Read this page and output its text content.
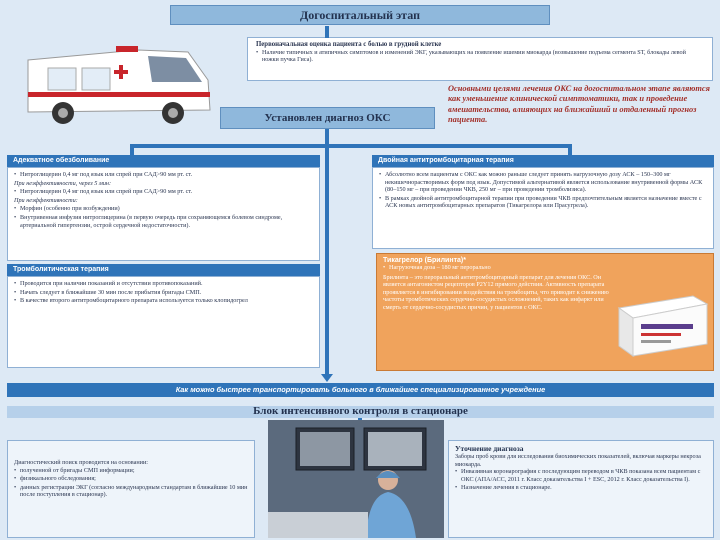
Догоспитальный этап
Первоначальная оценка пациента с болью в грудной клетке
• Наличие типичных и атипичных симптомов и изменений ЭКГ, указывающих на появление ишемии миокарда (возвышение подъема сегмента ST, блокады левой ножки пучка Гиса).
Основными целями лечения ОКС на догоспитальном этапе являются как уменьшение клинической симптоматики, так и проведение вмешательства, влияющих на ближайший и отдаленный прогноз пациента.
Установлен диагноз ОКС
Адекватное обезболивание
• Нитроглицерин 0,4 мг под язык или спрей при САД>90 мм рт. ст.
При неэффективности, через 5 мин:
• Нитроглицерин 0,4 мг под язык или спрей при САД>90 мм рт. ст.
При неэффективности:
• Морфин (особенно при возбуждении)
• Внутривенная инфузия нитроглицерина (в первую очередь при сохраняющемся болевом синдроме, артериальной гипертензии, острой сердечной недостаточности).
Тромболитическая терапия
• Проводится при наличии показаний и отсутствии противопоказаний.
• Начать следует в ближайшие 30 мин после прибытия бригады СМП.
• В качестве второго антитромбоцитарного препарата используется только клопидогрел
Двойная антитромбоцитарная терапия
• Абсолютно всем пациентам с ОКС как можно раньше следует принять нагрузочную дозу АСК – 150–300 мг некишечнорастворимых форм под язык. Допустимой альтернативой является использование внутривенной формы АСК (80–150 мг – при проведении ЧКВ, 250 мг – при проведении тромболизиса).
• В рамках двойной антитромбоцитарной терапии при проведении ЧКВ предпочтительным является назначение вместе с АСК новых антитромбоцитарных препаратов (Тикагрелора или Прасугрела).
Тикагрелор (Брилинта)*
• Нагрузочная доза – 180 мг перорально
Брилинта – это пероральный антитромбоцитарный препарат для лечения ОКС. Он является антагонистом рецепторов P2Y12 прямого действия. Активность препарата проявляется в ингибировании воздействия на тромбоциты, что приводит к снижению частоты тромботических сердечно-сосудистых осложнений, таких как инфаркт или смерть от сердечно-сосудистых причин, у пациентов с ОКС.
Как можно быстрее транспортировать больного в ближайшее специализированное учреждение
Блок интенсивного контроля в стационаре
Диагностический поиск проводится на основании:
• полученной от бригады СМП информации;
• физикального обследования;
• данных регистрации ЭКГ (согласно международным стандартам в ближайшие 10 мин после поступления в стационар).
Уточнение диагноза
Заборы проб крови для исследования биохимических показателей, включая маркеры некроза миокарда.
• Инвазивная коронарография с последующим переводом в ЧКВ показана всем пациентам с ОКС (АПА/АСС, 2011 г. Класс доказательства I + ESC, 2012 г. Класс доказательства I).
• Назначение лечения в стационаре.
